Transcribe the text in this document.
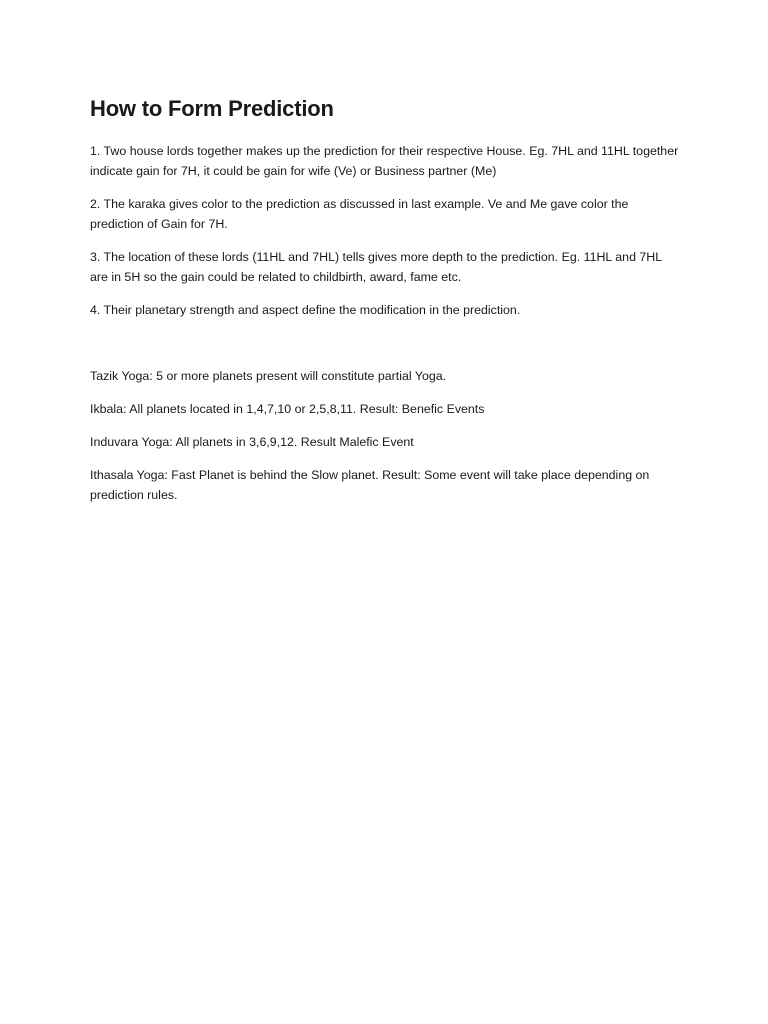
How to Form Prediction

1. Two house lords together makes up the prediction for their respective House. Eg. 7HL and 11HL together indicate gain for 7H, it could be gain for wife (Ve) or Business partner (Me)

2. The karaka gives color to the prediction as discussed in last example. Ve and Me gave color the prediction of Gain for 7H.

3. The location of these lords (11HL and 7HL) tells gives more depth to the prediction. Eg. 11HL and 7HL are in 5H so the gain could be related to childbirth, award, fame etc.

4. Their planetary strength and aspect define the modification in the prediction.

Tazik Yoga: 5 or more planets present will constitute partial Yoga.

Ikbala: All planets located in 1,4,7,10 or 2,5,8,11. Result: Benefic Events

Induvara Yoga: All planets in 3,6,9,12. Result Malefic Event

Ithasala Yoga: Fast Planet is behind the Slow planet. Result: Some event will take place depending on prediction rules.
